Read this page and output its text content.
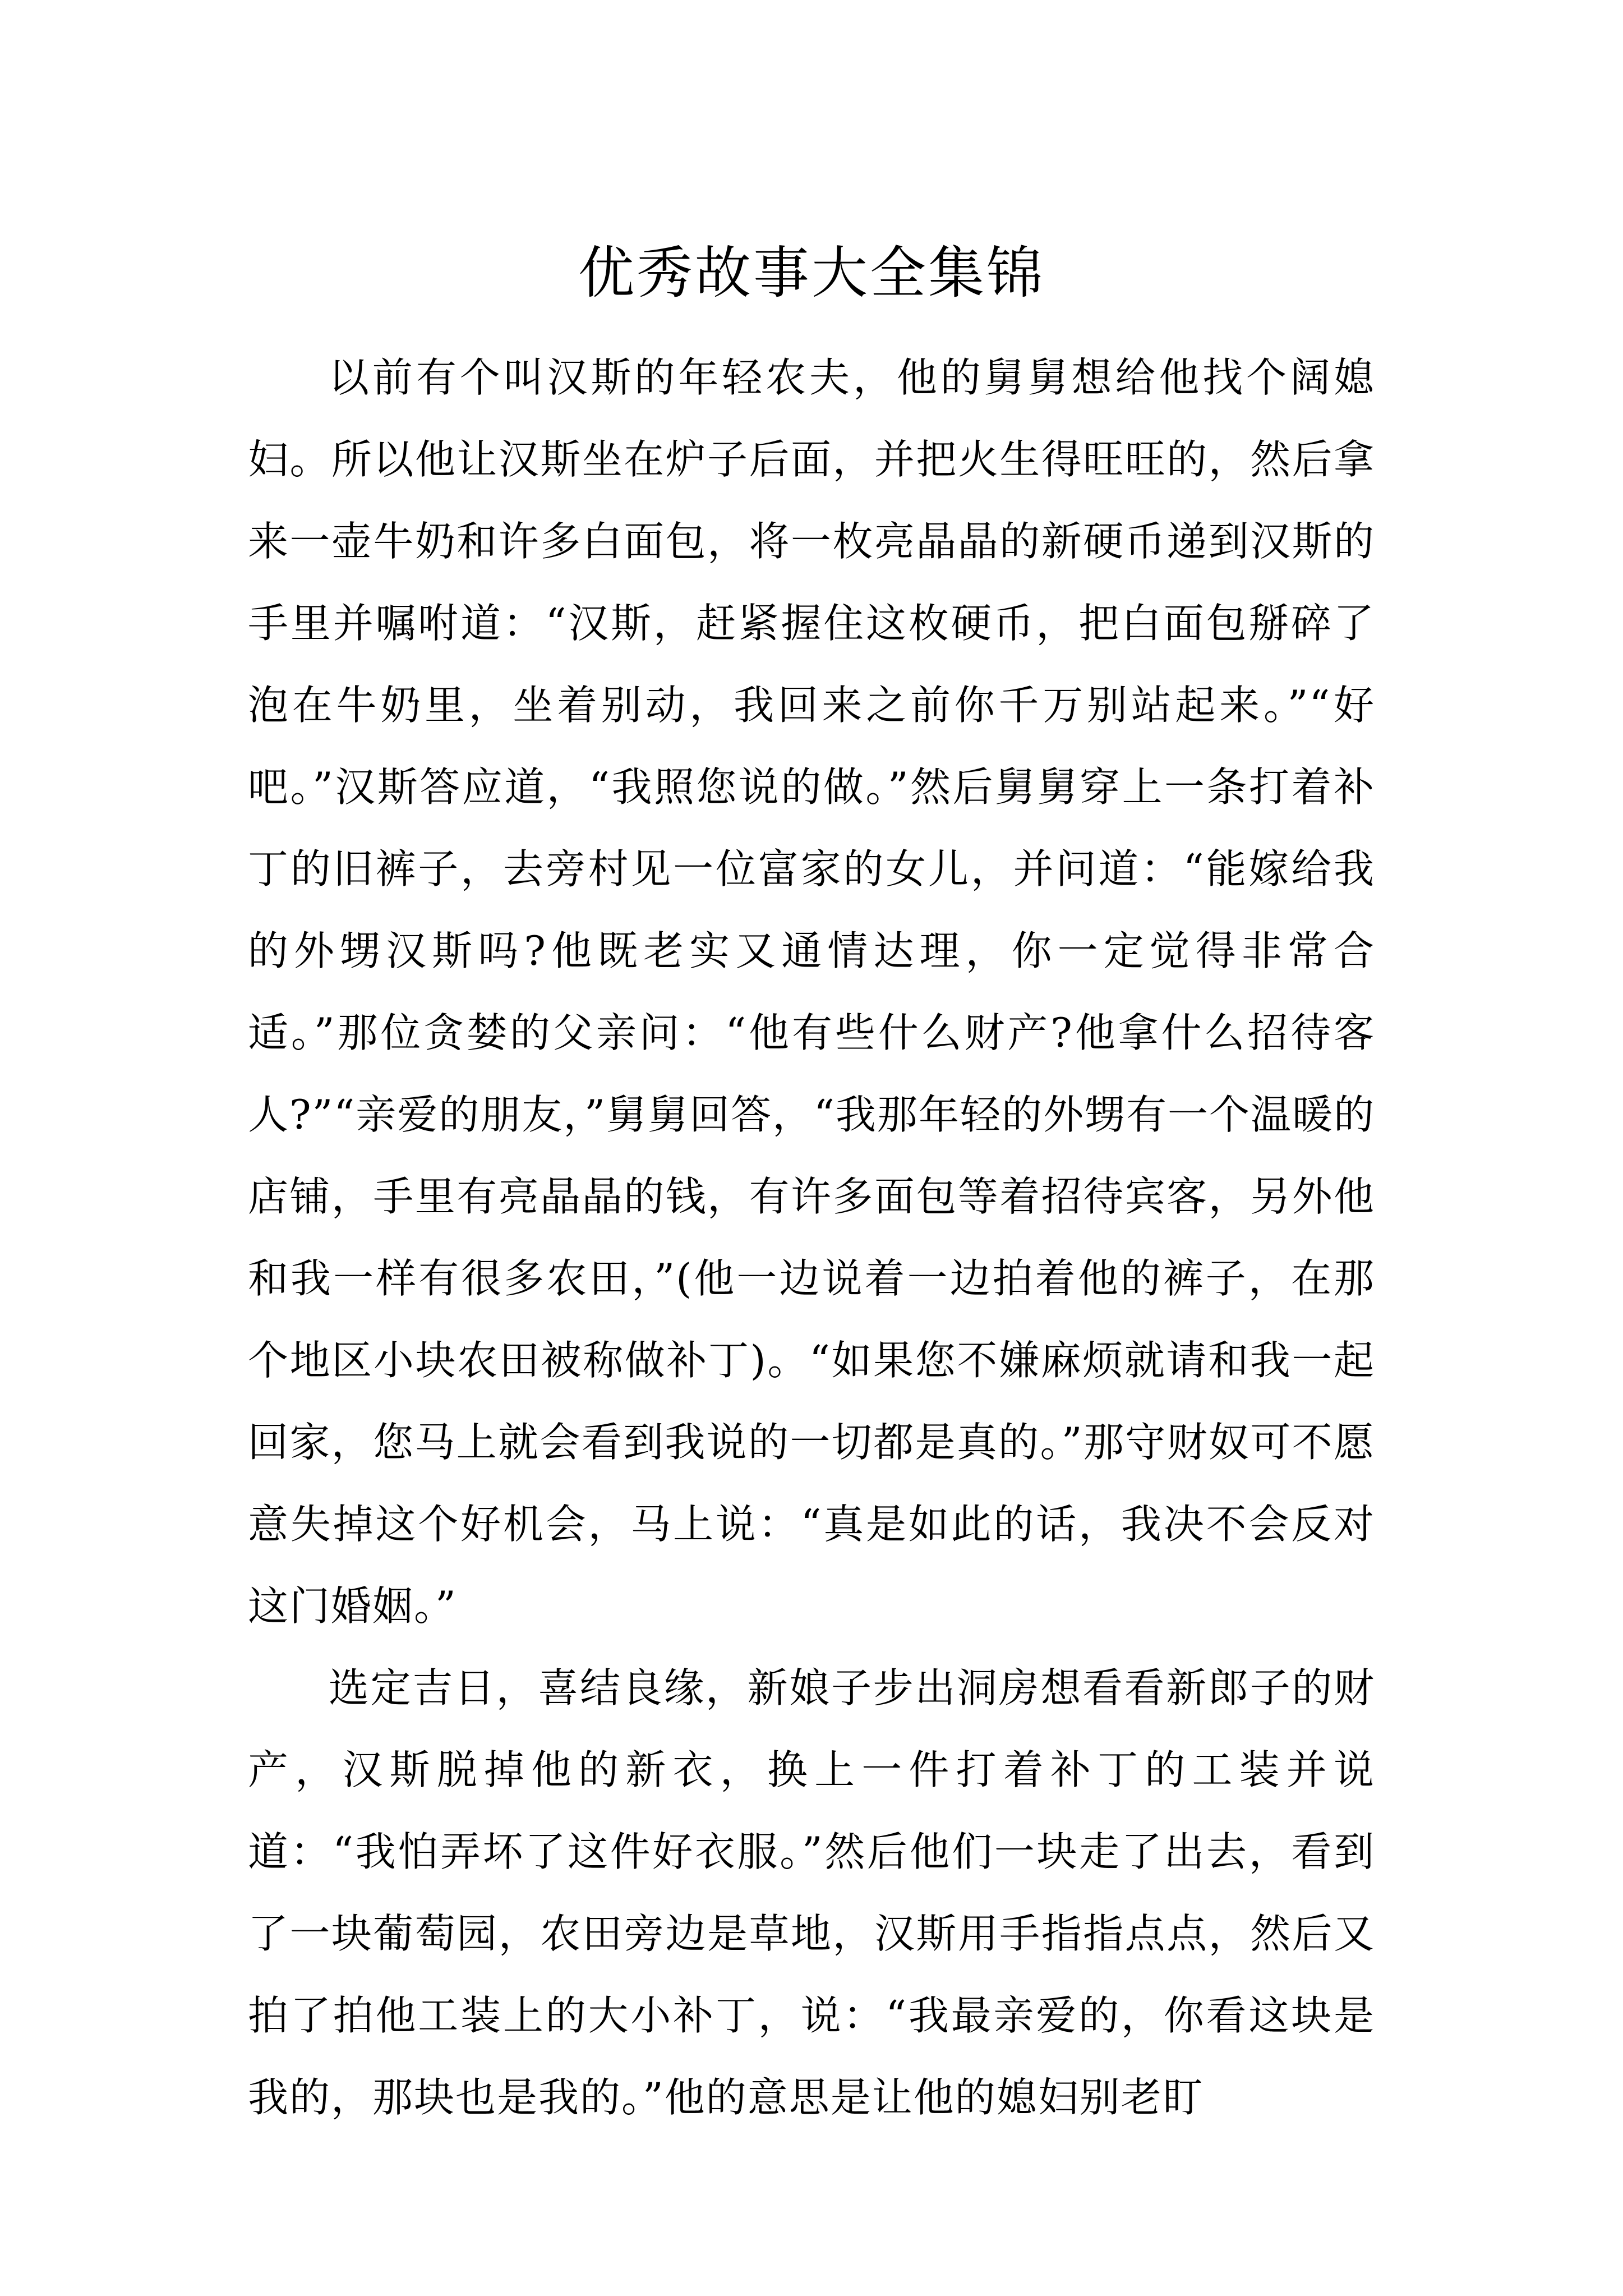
优秀故事大全集锦

以前有个叫汉斯的年轻农夫，他的舅舅想给他找个阔媳妇。所以他让汉斯坐在炉子后面，并把火生得旺旺的，然后拿来一壶牛奶和许多白面包，将一枚亮晶晶的新硬币递到汉斯的手里并嘱咐道：“汉斯，赶紧握住这枚硬币，把白面包掰碎了泡在牛奶里，坐着别动，我回来之前你千万别站起来。”“好吧。”汉斯答应道，“我照您说的做。”然后舅舅穿上一条打着补丁的旧裤子，去旁村见一位富家的女儿，并问道：“能嫁给我的外甥汉斯吗?他既老实又通情达理，你一定觉得非常合适。”那位贪婪的父亲问：“他有些什么财产?他拿什么招待客人?”“亲爱的朋友，”舅舅回答，“我那年轻的外甥有一个温暖的店铺，手里有亮晶晶的钱，有许多面包等着招待宾客，另外他和我一样有很多农田，”(他一边说着一边拍着他的裤子，在那个地区小块农田被称做补丁)。“如果您不嫌麻烦就请和我一起回家，您马上就会看到我说的一切都是真的。”那守财奴可不愿意失掉这个好机会，马上说：“真是如此的话，我决不会反对这门婚姻。”

选定吉日，喜结良缘，新娘子步出洞房想看看新郎子的财产，汉斯脱掉他的新衣，换上一件打着补丁的工装并说道：“我怕弄坏了这件好衣服。”然后他们一块走了出去，看到了一块葡萄园，农田旁边是草地，汉斯用手指指点点，然后又拍了拍他工装上的大小补丁，说：“我最亲爱的，你看这块是我的，那块也是我的。”他的意思是让他的媳妇别老盯
